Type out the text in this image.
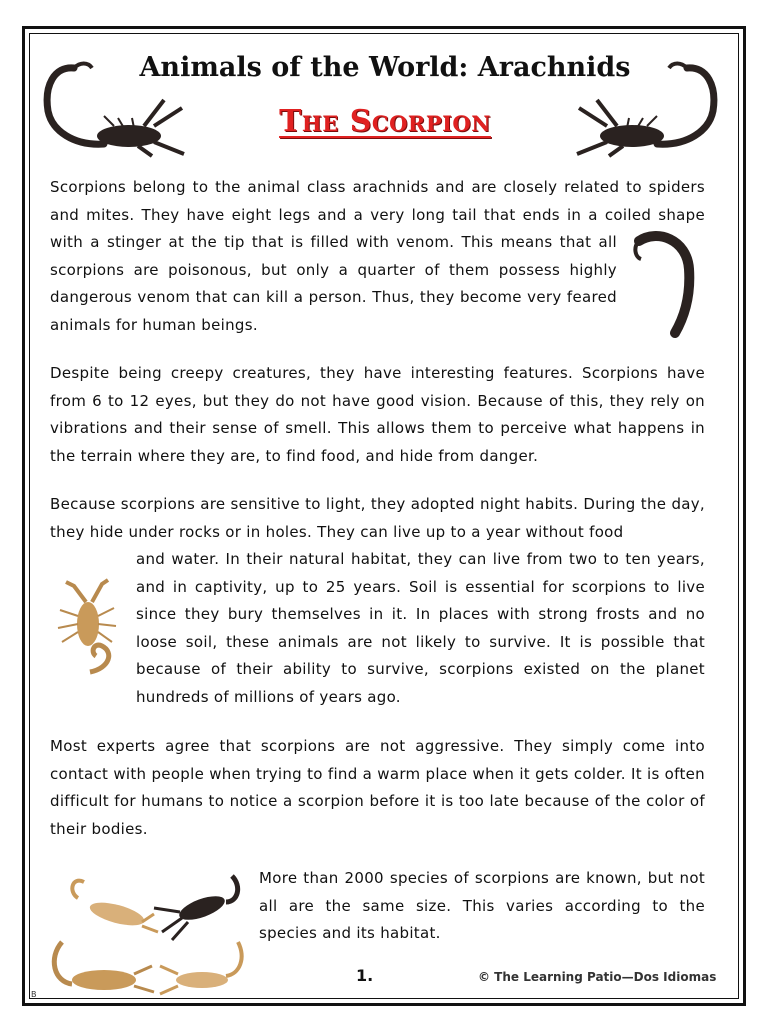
Animals of the World: Arachnids
The Scorpion
Scorpions belong to the animal class arachnids and are closely related to spiders and mites. They have eight legs and a very long tail that ends in a coiled shape with a stinger at the tip that is filled with venom. This means that all scorpions are poisonous, but only a quarter of them possess highly dangerous venom that can kill a person. Thus, they become very feared animals for human beings.

Despite being creepy creatures, they have interesting features. Scorpions have from 6 to 12 eyes, but they do not have good vision. Because of this, they rely on vibrations and their sense of smell. This allows them to perceive what happens in the terrain where they are, to find food, and hide from danger.

Because scorpions are sensitive to light, they adopted night habits. During the day, they hide under rocks or in holes. They can live up to a year without food

and water. In their natural habitat, they can live from two to ten years, and in captivity, up to 25 years. Soil is essential for scorpions to live since they bury themselves in it. In places with strong frosts and no loose soil, these animals are not likely to survive. It is possible that because of their ability to survive, scorpions existed on the planet hundreds of millions of years ago.

Most experts agree that scorpions are not aggressive. They simply come into contact with people when trying to find a warm place when it gets colder. It is often difficult for humans to notice a scorpion before it is too late because of the color of their bodies.

More than 2000 species of scorpions are known, but not all are the same size. This varies according to the species and its habitat.

1.	© The Learning Patio—Dos Idiomas
B
